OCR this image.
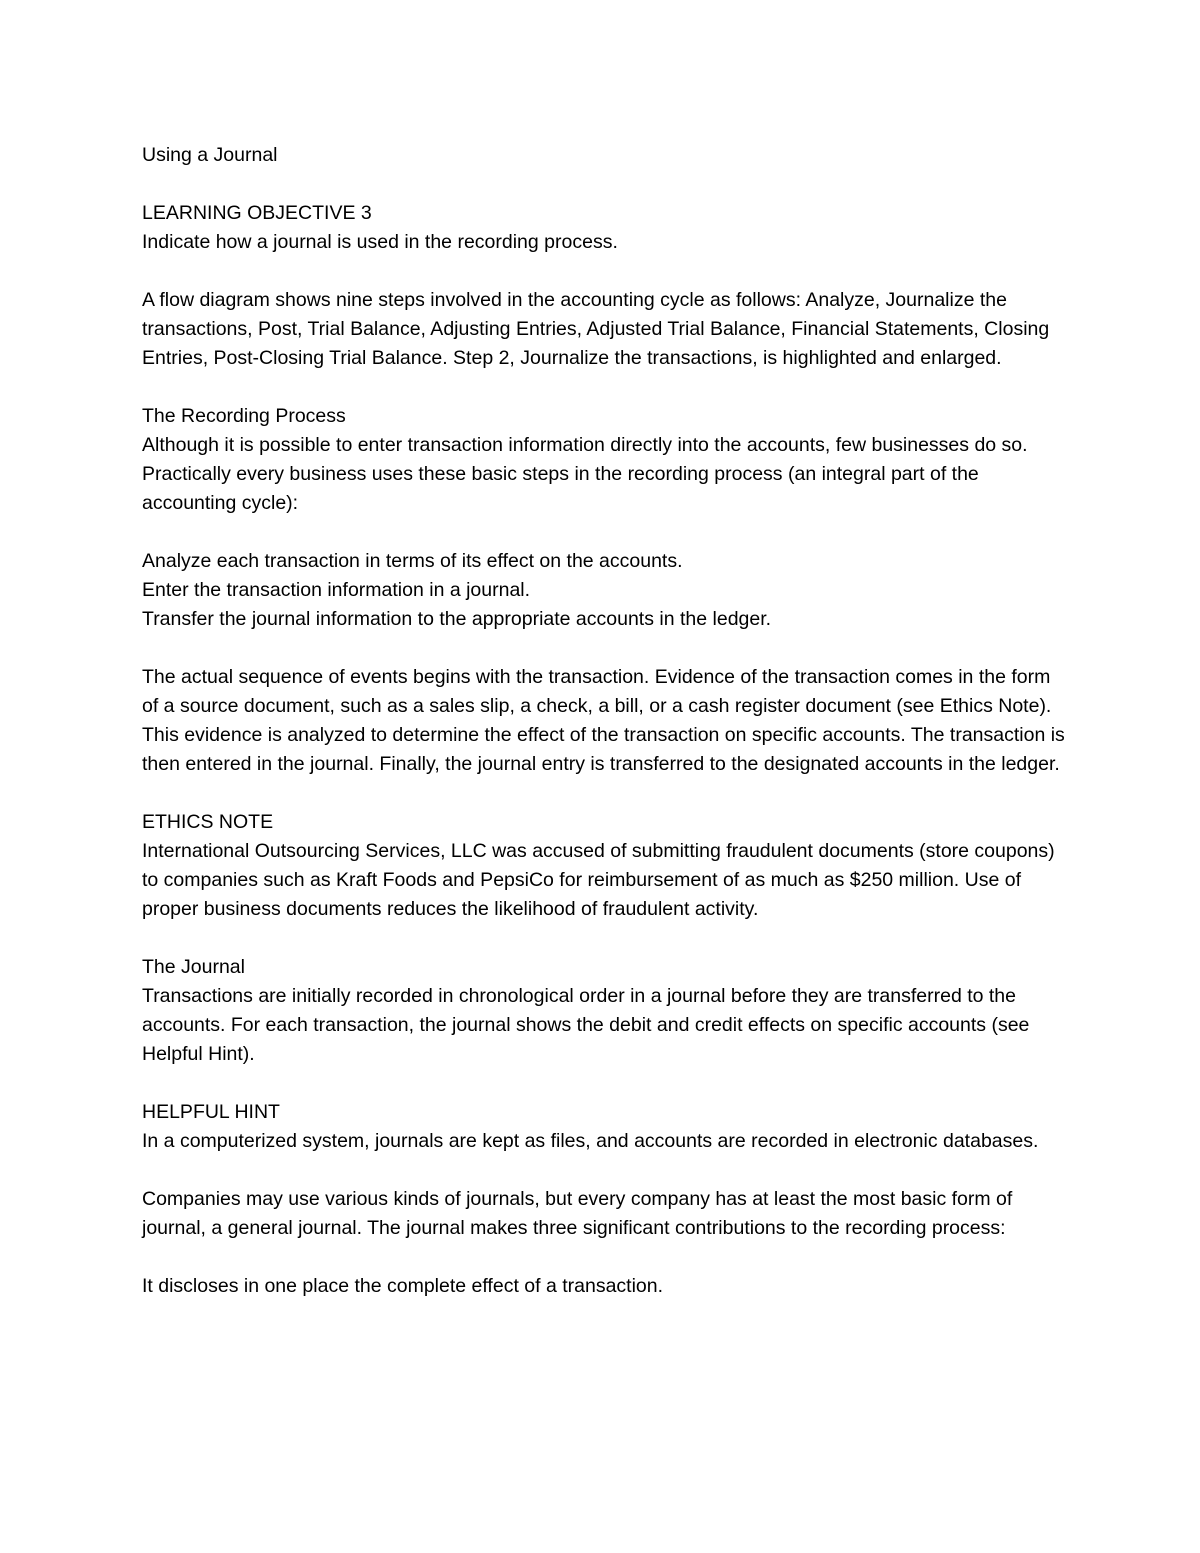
Using a Journal

LEARNING OBJECTIVE 3

Indicate how a journal is used in the recording process.

A flow diagram shows nine steps involved in the accounting cycle as follows: Analyze, Journalize the transactions, Post, Trial Balance, Adjusting Entries, Adjusted Trial Balance, Financial Statements, Closing Entries, Post-Closing Trial Balance. Step 2, Journalize the transactions, is highlighted and enlarged.

The Recording Process

Although it is possible to enter transaction information directly into the accounts, few businesses do so. Practically every business uses these basic steps in the recording process (an integral part of the accounting cycle):

Analyze each transaction in terms of its effect on the accounts.

Enter the transaction information in a journal.

Transfer the journal information to the appropriate accounts in the ledger.

The actual sequence of events begins with the transaction. Evidence of the transaction comes in the form of a source document, such as a sales slip, a check, a bill, or a cash register document (see Ethics Note). This evidence is analyzed to determine the effect of the transaction on specific accounts. The transaction is then entered in the journal. Finally, the journal entry is transferred to the designated accounts in the ledger.

ETHICS NOTE

International Outsourcing Services, LLC was accused of submitting fraudulent documents (store coupons) to companies such as Kraft Foods and PepsiCo for reimbursement of as much as $250 million. Use of proper business documents reduces the likelihood of fraudulent activity.

The Journal

Transactions are initially recorded in chronological order in a journal before they are transferred to the accounts. For each transaction, the journal shows the debit and credit effects on specific accounts (see Helpful Hint).

HELPFUL HINT

In a computerized system, journals are kept as files, and accounts are recorded in electronic databases.

Companies may use various kinds of journals, but every company has at least the most basic form of journal, a general journal. The journal makes three significant contributions to the recording process:

It discloses in one place the complete effect of a transaction.
